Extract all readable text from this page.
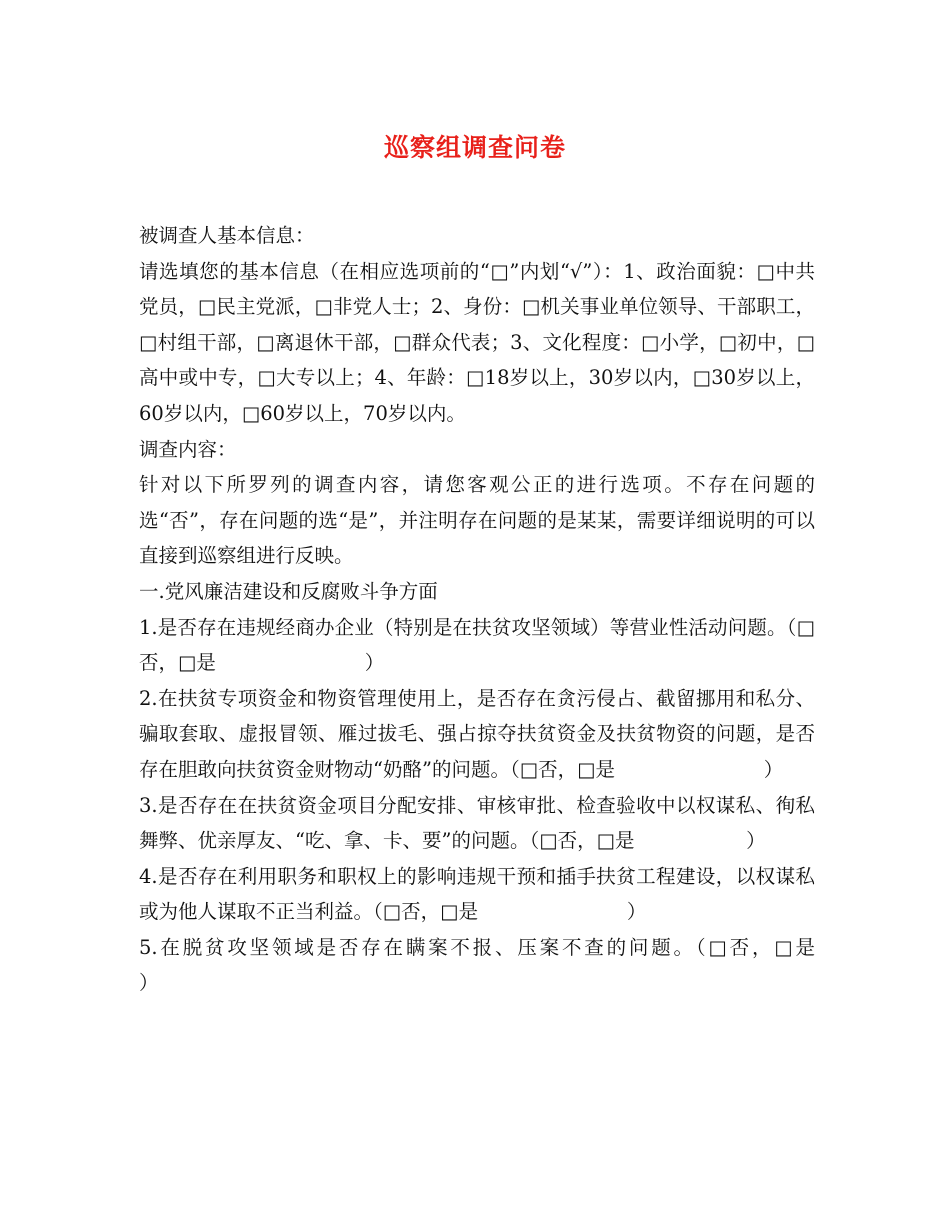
巡察组调查问卷

被调查人基本信息：

请选填您的基本信息（在相应选项前的“□”内划“√”）：1、政治面貌：□中共党员，□民主党派，□非党人士；2、身份：□机关事业单位领导、干部职工，□村组干部，□离退休干部，□群众代表；3、文化程度：□小学，□初中，□高中或中专，□大专以上；4、年龄：□18岁以上，30岁以内，□30岁以上，60岁以内，□60岁以上，70岁以内。

调查内容：

针对以下所罗列的调查内容，请您客观公正的进行选项。不存在问题的选“否”，存在问题的选“是”，并注明存在问题的是某某，需要详细说明的可以直接到巡察组进行反映。

一.党风廉洁建设和反腐败斗争方面

1.是否存在违规经商办企业（特别是在扶贫攻坚领域）等营业性活动问题。（□否，□是                        ）

2.在扶贫专项资金和物资管理使用上，是否存在贪污侵占、截留挪用和私分、骗取套取、虚报冒领、雁过拔毛、强占掠夺扶贫资金及扶贫物资的问题，是否存在胆敢向扶贫资金财物动“奶酪”的问题。（□否，□是                        ）

3.是否存在在扶贫资金项目分配安排、审核审批、检查验收中以权谋私、徇私舞弊、优亲厚友、“吃、拿、卡、要”的问题。（□否，□是                  ）

4.是否存在利用职务和职权上的影响违规干预和插手扶贫工程建设，以权谋私或为他人谋取不正当利益。（□否，□是                        ）

5.在脱贫攻坚领域是否存在瞒案不报、压案不查的问题。（□否，□是                   ）
